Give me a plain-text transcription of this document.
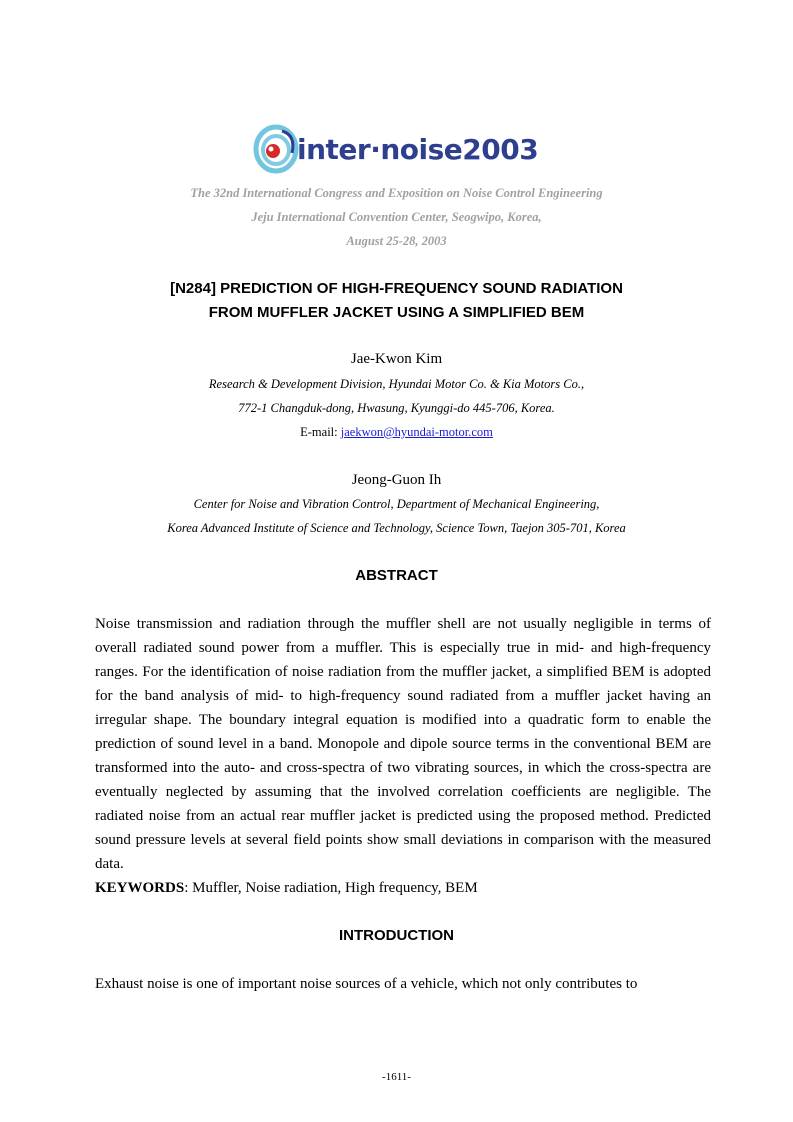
inter·noise2003
The 32nd International Congress and Exposition on Noise Control Engineering
Jeju International Convention Center, Seogwipo, Korea,
August 25-28, 2003
[N284] PREDICTION OF HIGH-FREQUENCY SOUND RADIATION
FROM MUFFLER JACKET USING A SIMPLIFIED BEM
Jae-Kwon Kim
Research & Development Division, Hyundai Motor Co. & Kia Motors Co.,
772-1 Changduk-dong, Hwasung, Kyunggi-do 445-706, Korea.
E-mail: jaekwon@hyundai-motor.com
Jeong-Guon Ih
Center for Noise and Vibration Control, Department of Mechanical Engineering,
Korea Advanced Institute of Science and Technology, Science Town, Taejon 305-701, Korea
ABSTRACT
Noise transmission and radiation through the muffler shell are not usually negligible in terms of overall radiated sound power from a muffler. This is especially true in mid- and high-frequency ranges. For the identification of noise radiation from the muffler jacket, a simplified BEM is adopted for the band analysis of mid- to high-frequency sound radiated from a muffler jacket having an irregular shape. The boundary integral equation is modified into a quadratic form to enable the prediction of sound level in a band. Monopole and dipole source terms in the conventional BEM are transformed into the auto- and cross-spectra of two vibrating sources, in which the cross-spectra are eventually neglected by assuming that the involved correlation coefficients are negligible. The radiated noise from an actual rear muffler jacket is predicted using the proposed method. Predicted sound pressure levels at several field points show small deviations in comparison with the measured data.
KEYWORDS: Muffler, Noise radiation, High frequency, BEM
INTRODUCTION
Exhaust noise is one of important noise sources of a vehicle, which not only contributes to
-1611-
